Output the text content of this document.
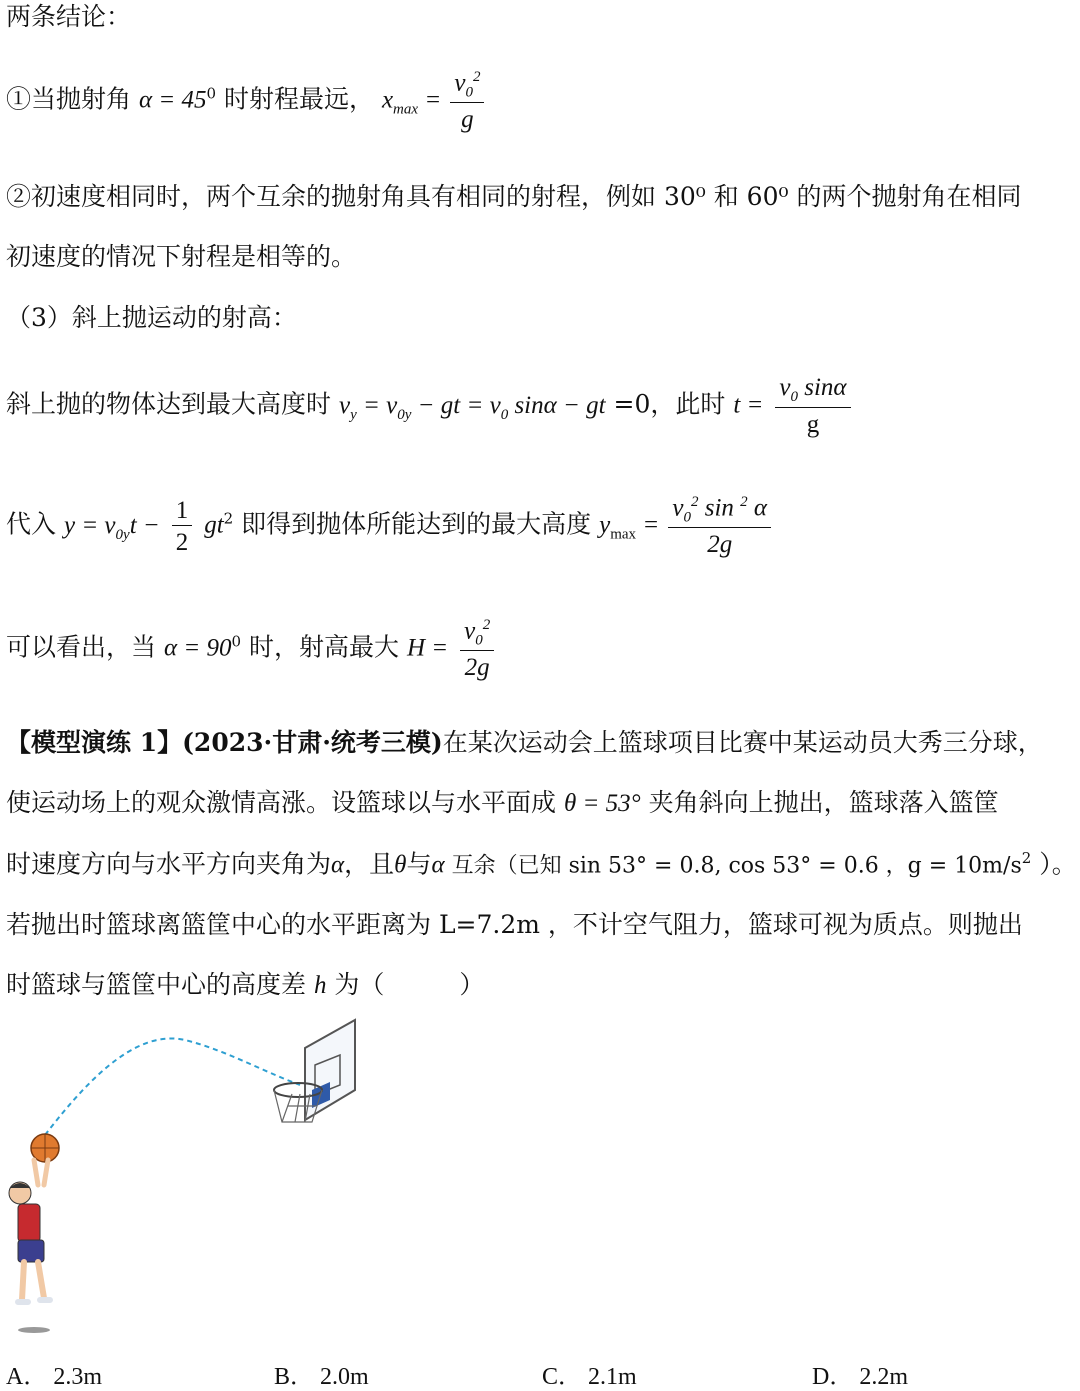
两条结论：
①当抛射角 $\alpha = 45^0$ 时射程最远， $x_{max} = \frac{v_0^2}{g}$
②初速度相同时，两个互余的抛射角具有相同的射程，例如 30⁰ 和 60⁰ 的两个抛射角在相同
初速度的情况下射程是相等的。
（3）斜上抛运动的射高：
斜上抛的物体达到最大高度时 $v_y = v_{0y}$ − gt = $v_0$ sinα − gt =0，此时 $t = \frac{v_0 \sin\alpha}{g}$
代入 $y = v_{0y}t - \frac{1}{2} gt^2$ 即得到抛体所能达到的最大高度 $y_{max} = \frac{v_0^2 \sin ^2 \alpha}{2g}$
可以看出，当 $\alpha = 90^0$ 时，射高最大 $H = \frac{v_0^2}{2g}$
【模型演练 1】(2023·甘肃·统考三模)在某次运动会上篮球项目比赛中某运动员大秀三分球，
使运动场上的观众激情高涨。设篮球以与水平面成 θ = 53° 夹角斜向上抛出，篮球落入篮筐
时速度方向与水平方向夹角为α，且θ与α 互余（已知 sin 53° = 0.8, cos 53° = 0.6 ，$g = 10m/s^2$ ）。
若抛出时篮球离篮筐中心的水平距离为 L=7.2m ，不计空气阻力，篮球可视为质点。则抛出
时篮球与篮筐中心的高度差 h 为（　　　）
A． 2.3m	B． 2.0m	C． 2.1m	D． 2.2m
